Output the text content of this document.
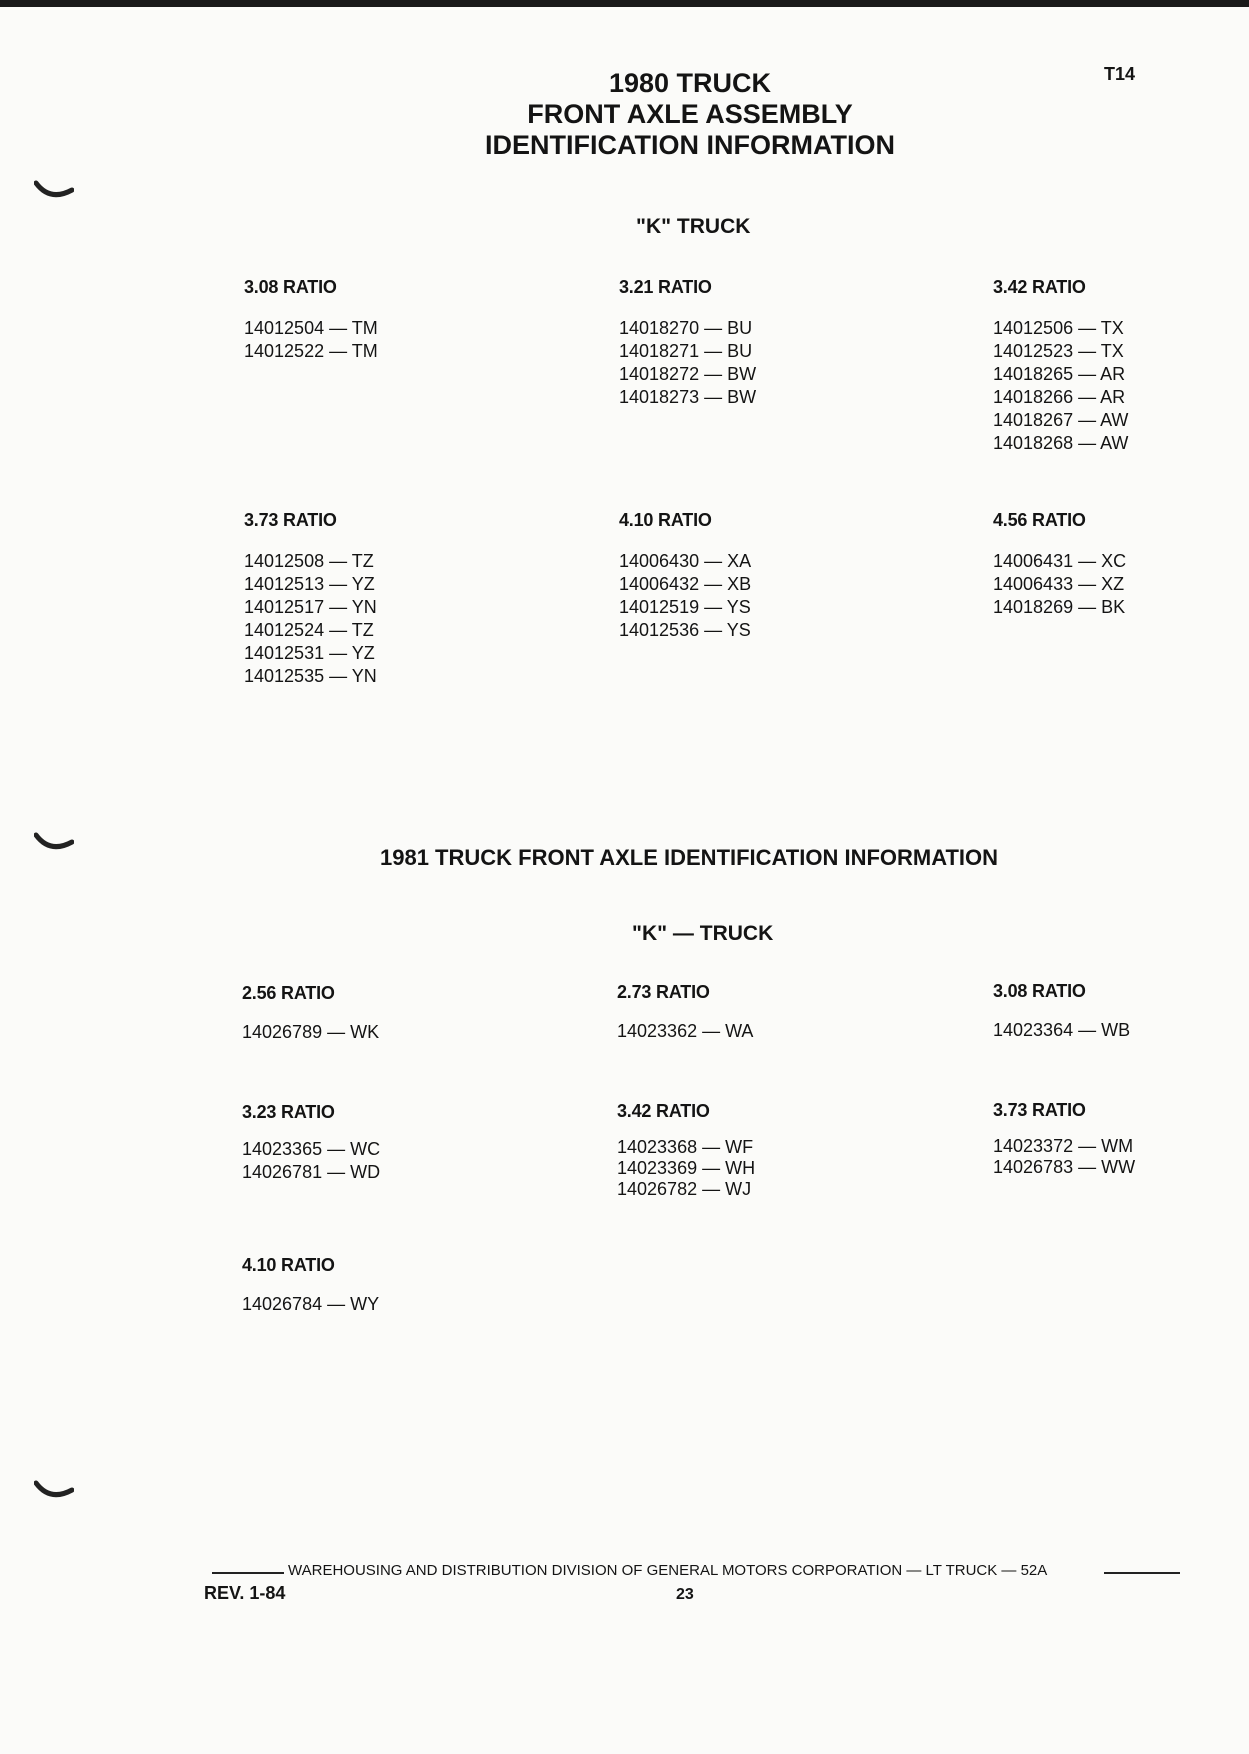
T14
1980 TRUCK
FRONT AXLE ASSEMBLY
IDENTIFICATION INFORMATION
"K" TRUCK
3.08 RATIO
14012504 — TM
14012522 — TM
3.21 RATIO
14018270 — BU
14018271 — BU
14018272 — BW
14018273 — BW
3.42 RATIO
14012506 — TX
14012523 — TX
14018265 — AR
14018266 — AR
14018267 — AW
14018268 — AW
3.73 RATIO
14012508 — TZ
14012513 — YZ
14012517 — YN
14012524 — TZ
14012531 — YZ
14012535 — YN
4.10 RATIO
14006430 — XA
14006432 — XB
14012519 — YS
14012536 — YS
4.56 RATIO
14006431 — XC
14006433 — XZ
14018269 — BK
1981 TRUCK FRONT AXLE IDENTIFICATION INFORMATION
"K" — TRUCK
2.56 RATIO
14026789 — WK
2.73 RATIO
14023362 — WA
3.08 RATIO
14023364 — WB
3.23 RATIO
14023365 — WC
14026781 — WD
3.42 RATIO
14023368 — WF
14023369 — WH
14026782 — WJ
3.73 RATIO
14023372 — WM
14026783 — WW
4.10 RATIO
14026784 — WY
WAREHOUSING AND DISTRIBUTION DIVISION OF GENERAL MOTORS CORPORATION — LT TRUCK — 52A
REV. 1-84	23
